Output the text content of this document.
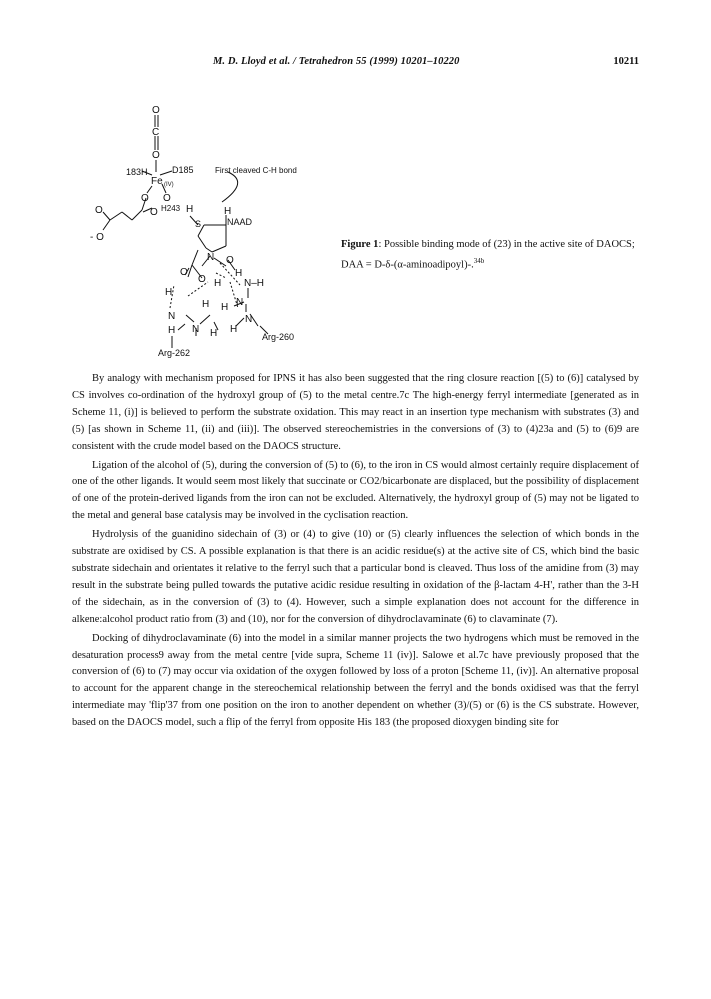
M. D. Lloyd et al. / Tetrahedron 55 (1999) 10201–10220	10211
O
C
O
183H	D185
Fe (IV)
O O
O	O H243
- O
H
First cleaved C-H bond
H
NAAD
S
N O
H
O
O H
H
N
H
N
H	H
Arg-262
N–H
N
H
H
N
Arg-260
Figure 1: Possible binding mode of (23) in the active site of DAOCS; DAA = D-δ-(α-aminoadipoyl)-.$^{34b}$

By analogy with mechanism proposed for IPNS it has also been suggested that the ring closure reaction [(5) to (6)] catalysed by CS involves co-ordination of the hydroxyl group of (5) to the metal centre.7c The high-energy ferryl intermediate [generated as in Scheme 11, (i)] is believed to perform the substrate oxidation. This may react in an insertion type mechanism with substrates (3) and (5) [as shown in Scheme 11, (ii) and (iii)]. The observed stereochemistries in the conversions of (3) to (4)23a and (5) to (6)9 are consistent with the crude model based on the DAOCS structure.

Ligation of the alcohol of (5), during the conversion of (5) to (6), to the iron in CS would almost certainly require displacement of one of the other ligands. It would seem most likely that succinate or CO2/bicarbonate are displaced, but the possibility of displacement of one of the protein-derived ligands from the iron can not be excluded. Alternatively, the hydroxyl group of (5) may not be ligated to the metal and general base catalysis may be involved in the cyclisation reaction.

Hydrolysis of the guanidino sidechain of (3) or (4) to give (10) or (5) clearly influences the selection of which bonds in the substrate are oxidised by CS. A possible explanation is that there is an acidic residue(s) at the active site of CS, which bind the basic substrate sidechain and orientates it relative to the ferryl such that a particular bond is cleaved. Thus loss of the amidine from (3) may result in the substrate being pulled towards the putative acidic residue resulting in oxidation of the β-lactam 4-H', rather than the 3-H of the sidechain, as in the conversion of (3) to (4). However, such a simple explanation does not account for the difference in alkene:alcohol product ratio from (3) and (10), nor for the conversion of dihydroclavaminate (6) to clavaminate (7).

Docking of dihydroclavaminate (6) into the model in a similar manner projects the two hydrogens which must be removed in the desaturation process9 away from the metal centre [vide supra, Scheme 11 (iv)]. Salowe et al.7c have previously proposed that the conversion of (6) to (7) may occur via oxidation of the oxygen followed by loss of a proton [Scheme 11, (iv)]. An alternative proposal to account for the apparent change in the stereochemical relationship between the ferryl and the bonds oxidised was that the ferryl intermediate may 'flip'37 from one position on the iron to another dependent on whether (3)/(5) or (6) is the CS substrate. However, based on the DAOCS model, such a flip of the ferryl from opposite His 183 (the proposed dioxygen binding site for
